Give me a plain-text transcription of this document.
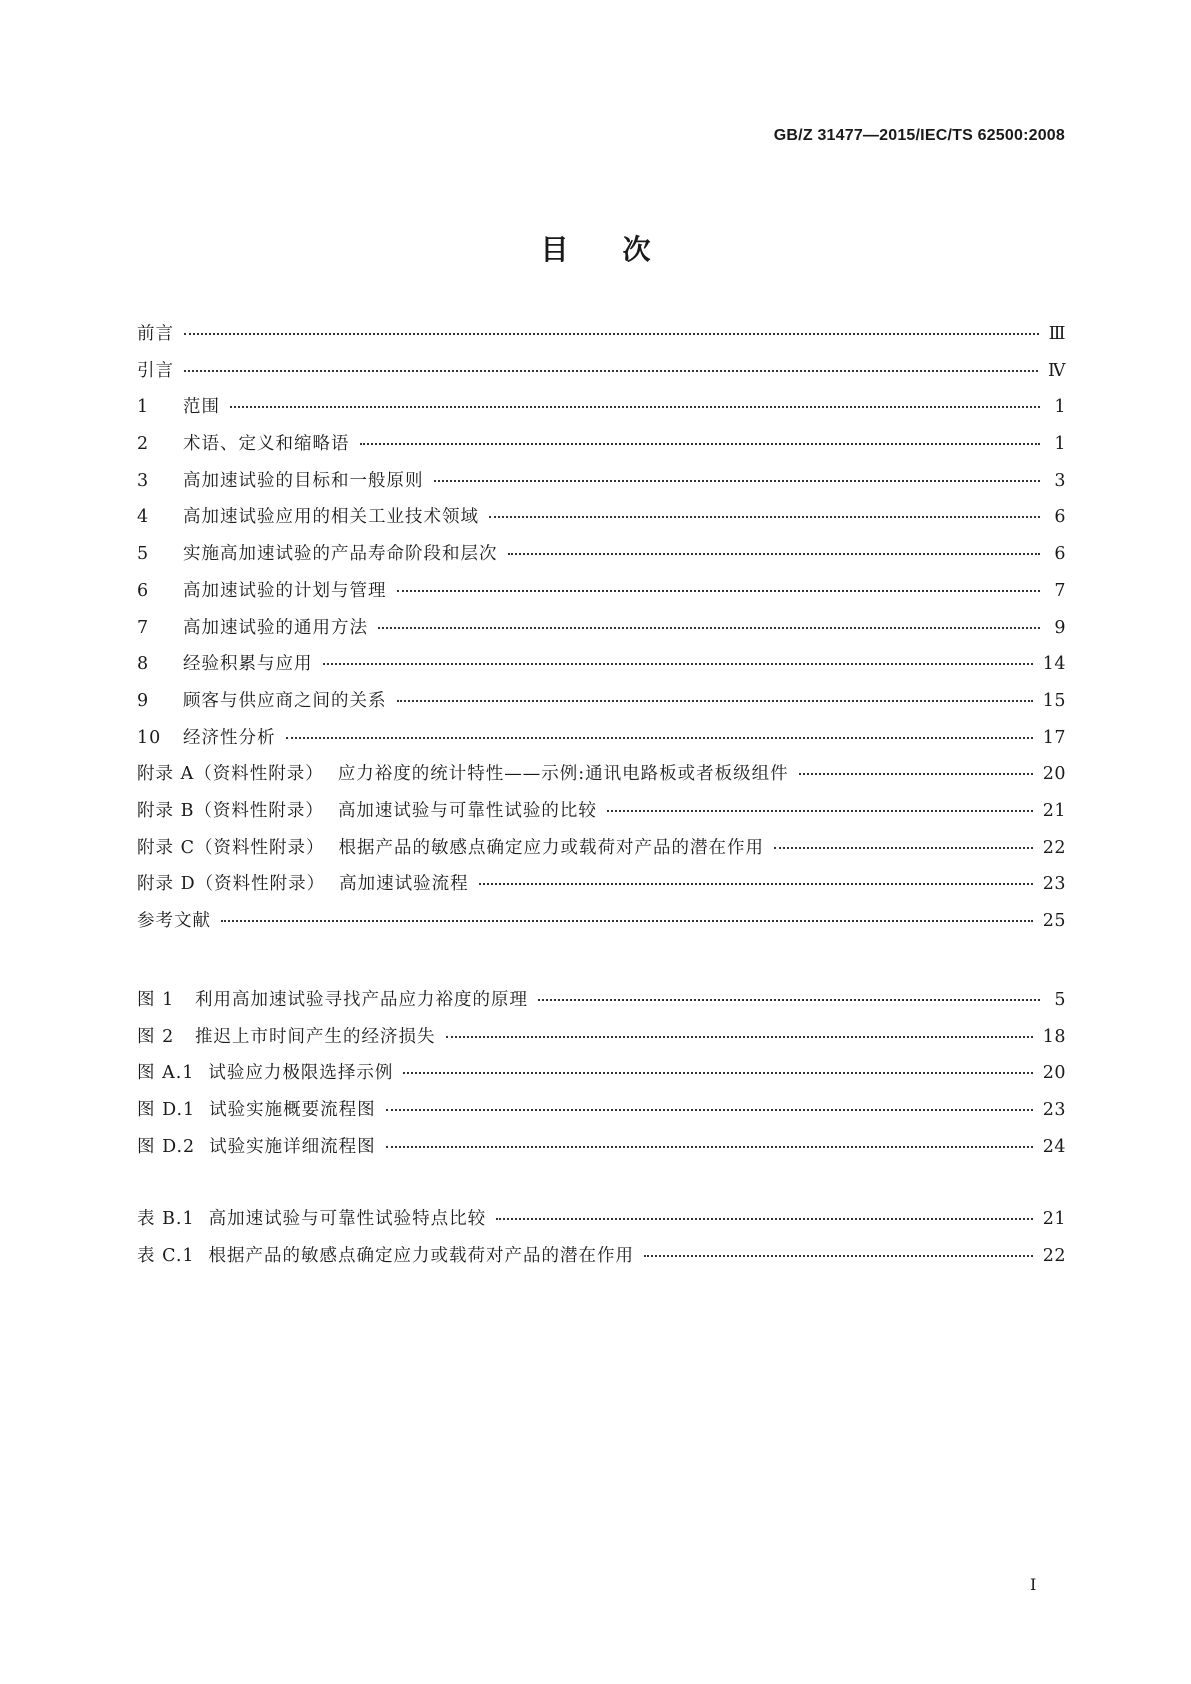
GB/Z 31477—2015/IEC/TS 62500:2008
目次
前言	Ⅲ
引言	Ⅳ
1	范围	1
2	术语、定义和缩略语	1
3	高加速试验的目标和一般原则	3
4	高加速试验应用的相关工业技术领域	6
5	实施高加速试验的产品寿命阶段和层次	6
6	高加速试验的计划与管理	7
7	高加速试验的通用方法	9
8	经验积累与应用	14
9	顾客与供应商之间的关系	15
10	经济性分析	17
附录 A（资料性附录） 应力裕度的统计特性——示例:通讯电路板或者板级组件	20
附录 B（资料性附录） 高加速试验与可靠性试验的比较	21
附录 C（资料性附录） 根据产品的敏感点确定应力或载荷对产品的潜在作用	22
附录 D（资料性附录） 高加速试验流程	23
参考文献	25
图 1	利用高加速试验寻找产品应力裕度的原理	5
图 2	推迟上市时间产生的经济损失	18
图 A.1 试验应力极限选择示例	20
图 D.1 试验实施概要流程图	23
图 D.2 试验实施详细流程图	24
表 B.1 高加速试验与可靠性试验特点比较	21
表 C.1 根据产品的敏感点确定应力或载荷对产品的潜在作用	22
I
